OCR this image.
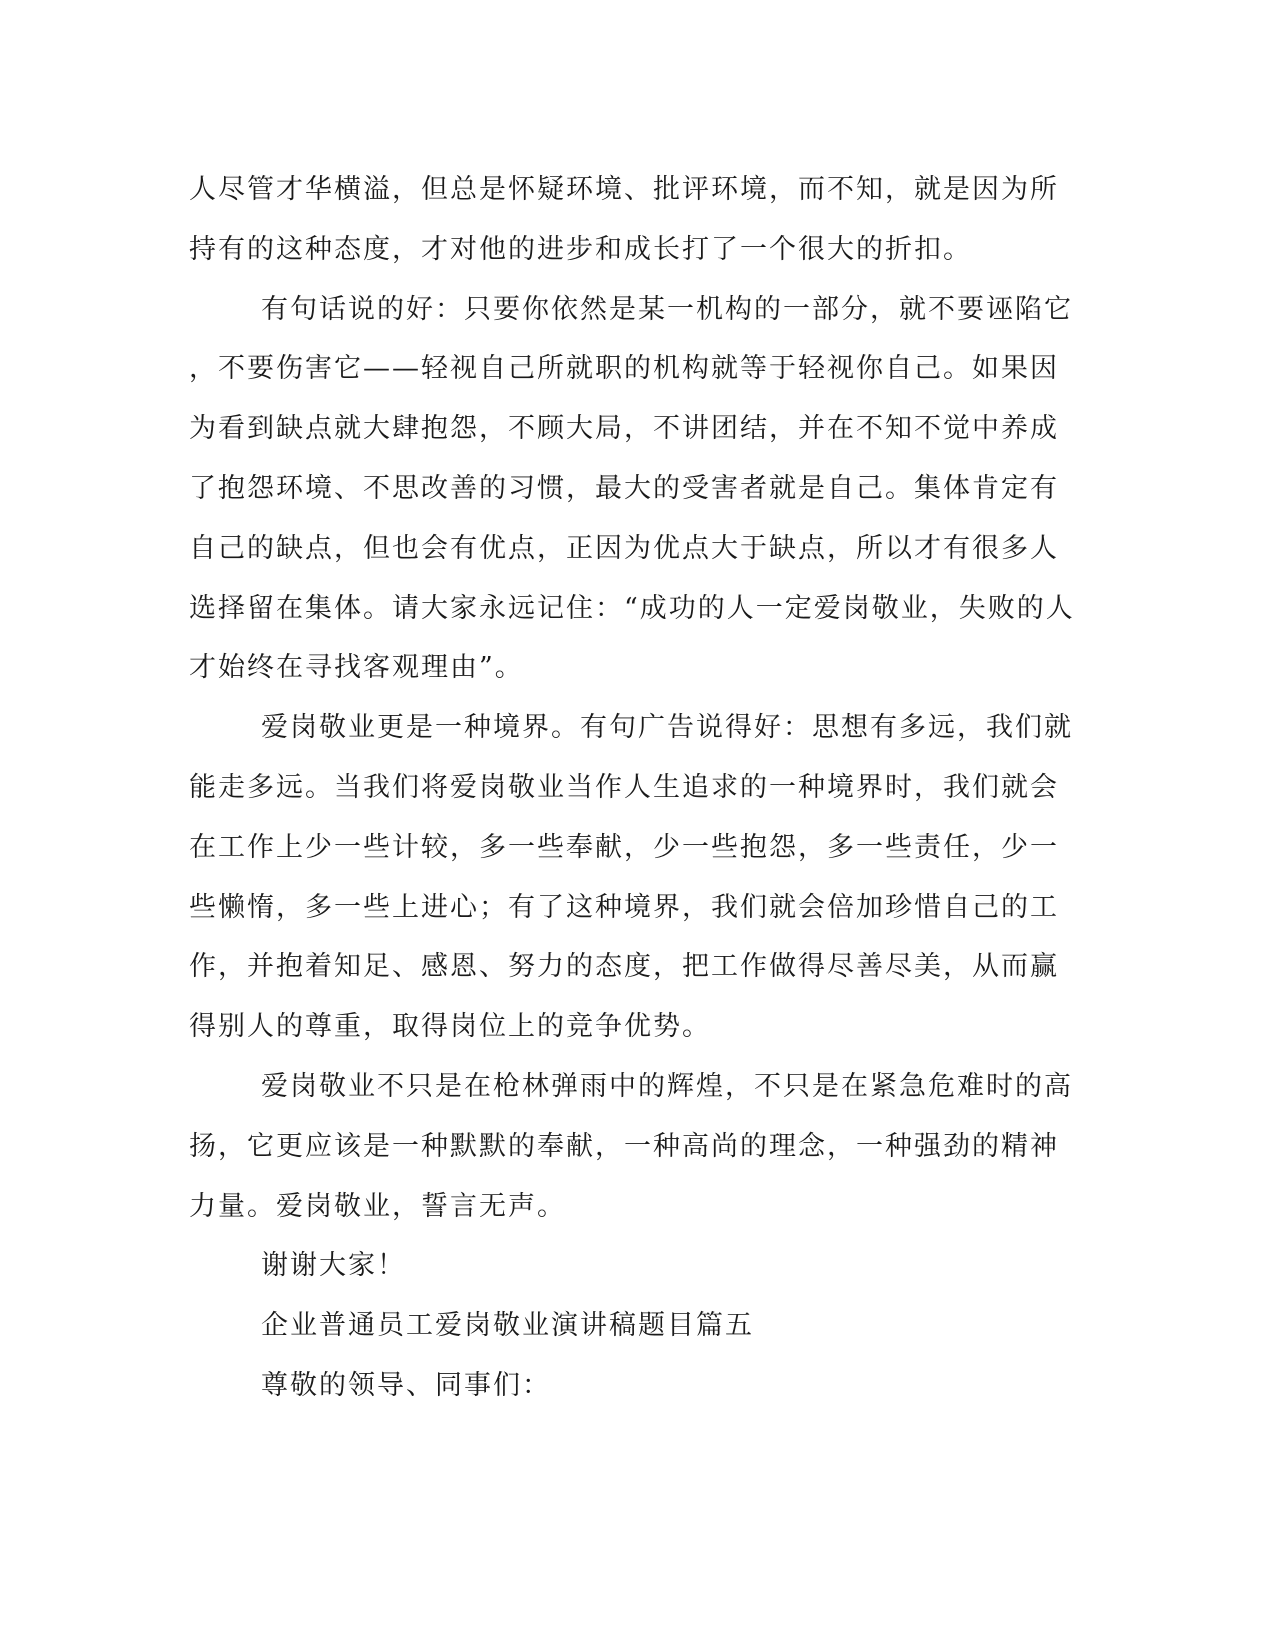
人尽管才华横溢，但总是怀疑环境、批评环境，而不知，就是因为所
持有的这种态度，才对他的进步和成长打了一个很大的折扣。
有句话说的好：只要你依然是某一机构的一部分，就不要诬陷它
，不要伤害它——轻视自己所就职的机构就等于轻视你自己。如果因
为看到缺点就大肆抱怨，不顾大局，不讲团结，并在不知不觉中养成
了抱怨环境、不思改善的习惯，最大的受害者就是自己。集体肯定有
自己的缺点，但也会有优点，正因为优点大于缺点，所以才有很多人
选择留在集体。请大家永远记住：“成功的人一定爱岗敬业，失败的人
才始终在寻找客观理由”。
爱岗敬业更是一种境界。有句广告说得好：思想有多远，我们就
能走多远。当我们将爱岗敬业当作人生追求的一种境界时，我们就会
在工作上少一些计较，多一些奉献，少一些抱怨，多一些责任，少一
些懒惰，多一些上进心；有了这种境界，我们就会倍加珍惜自己的工
作，并抱着知足、感恩、努力的态度，把工作做得尽善尽美，从而赢
得别人的尊重，取得岗位上的竞争优势。
爱岗敬业不只是在枪林弹雨中的辉煌，不只是在紧急危难时的高
扬，它更应该是一种默默的奉献，一种高尚的理念，一种强劲的精神
力量。爱岗敬业，誓言无声。
谢谢大家！
企业普通员工爱岗敬业演讲稿题目篇五
尊敬的领导、同事们：
